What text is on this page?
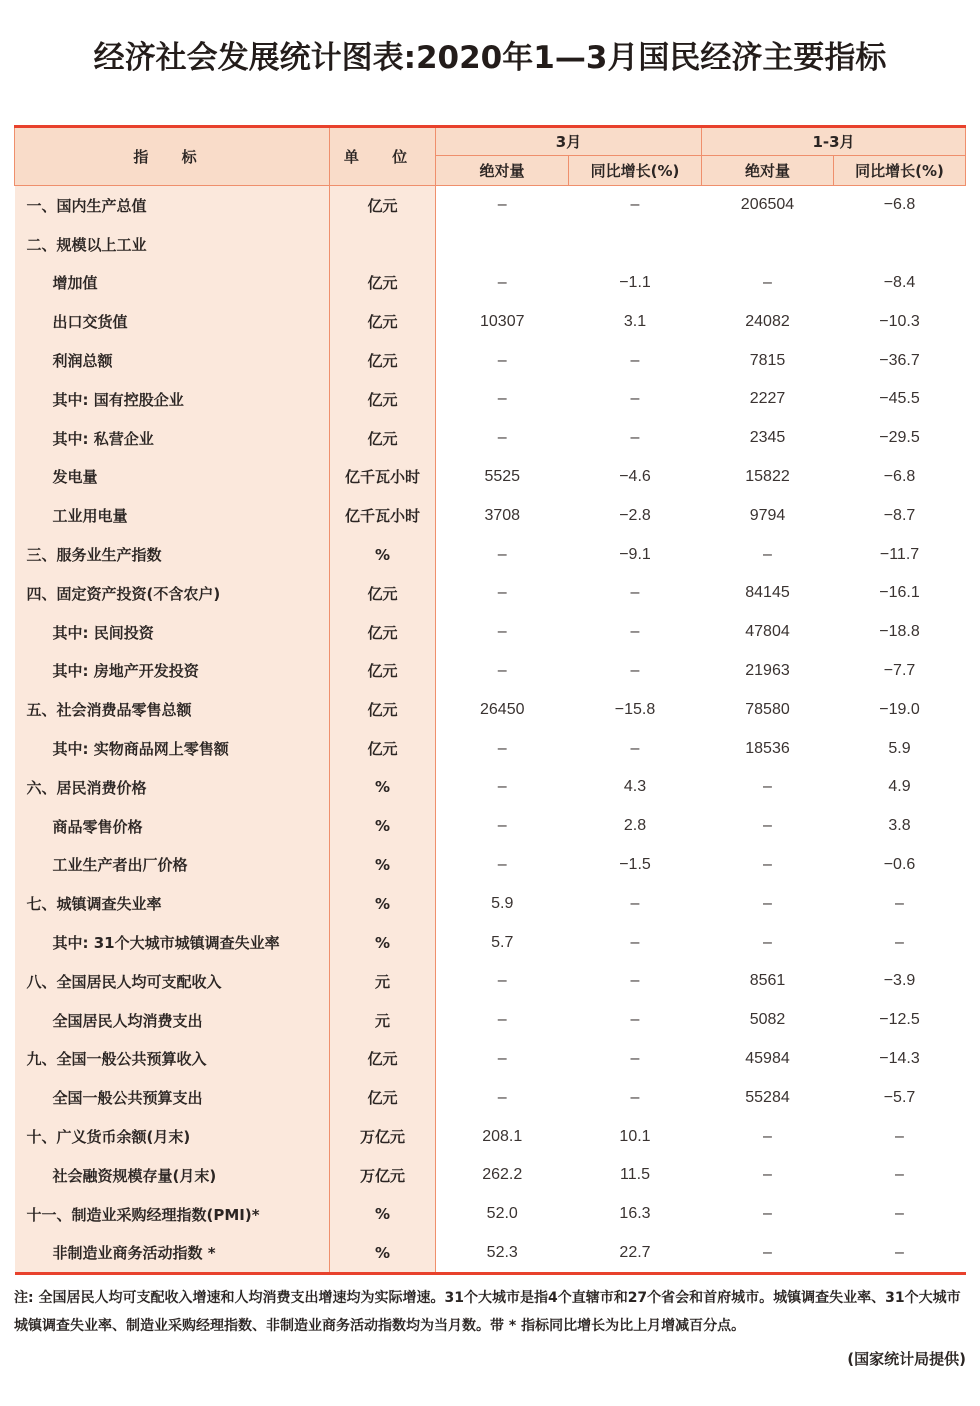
经济社会发展统计图表:2020年1—3月国民经济主要指标
指 标	单 位	3月		1-3月	
		绝对量	同比增长(%)	绝对量	同比增长(%)
一、国内生产总值	亿元	–	–	206504	−6.8
二、规模以上工业					
增加值	亿元	–	−1.1	–	−8.4
出口交货值	亿元	10307	3.1	24082	−10.3
利润总额	亿元	–	–	7815	−36.7
其中: 国有控股企业	亿元	–	–	2227	−45.5
其中: 私营企业	亿元	–	–	2345	−29.5
发电量	亿千瓦小时	5525	−4.6	15822	−6.8
工业用电量	亿千瓦小时	3708	−2.8	9794	−8.7
三、服务业生产指数	%	–	−9.1	–	−11.7
四、固定资产投资(不含农户)	亿元	–	–	84145	−16.1
其中: 民间投资	亿元	–	–	47804	−18.8
其中: 房地产开发投资	亿元	–	–	21963	−7.7
五、社会消费品零售总额	亿元	26450	−15.8	78580	−19.0
其中: 实物商品网上零售额	亿元	–	–	18536	5.9
六、居民消费价格	%	–	4.3	–	4.9
商品零售价格	%	–	2.8	–	3.8
工业生产者出厂价格	%	–	−1.5	–	−0.6
七、城镇调查失业率	%	5.9	–	–	–
其中: 31个大城市城镇调查失业率	%	5.7	–	–	–
八、全国居民人均可支配收入	元	–	–	8561	−3.9
全国居民人均消费支出	元	–	–	5082	−12.5
九、全国一般公共预算收入	亿元	–	–	45984	−14.3
全国一般公共预算支出	亿元	–	–	55284	−5.7
十、广义货币余额(月末)	万亿元	208.1	10.1	–	–
社会融资规模存量(月末)	万亿元	262.2	11.5	–	–
十一、制造业采购经理指数(PMI)*	%	52.0	16.3	–	–
非制造业商务活动指数 *	%	52.3	22.7	–	–
注: 全国居民人均可支配收入增速和人均消费支出增速均为实际增速。31个大城市是指4个直辖市和27个省会和首府城市。城镇调查失业率、31个大城市城镇调查失业率、制造业采购经理指数、非制造业商务活动指数均为当月数。带 * 指标同比增长为比上月增减百分点。
(国家统计局提供)
